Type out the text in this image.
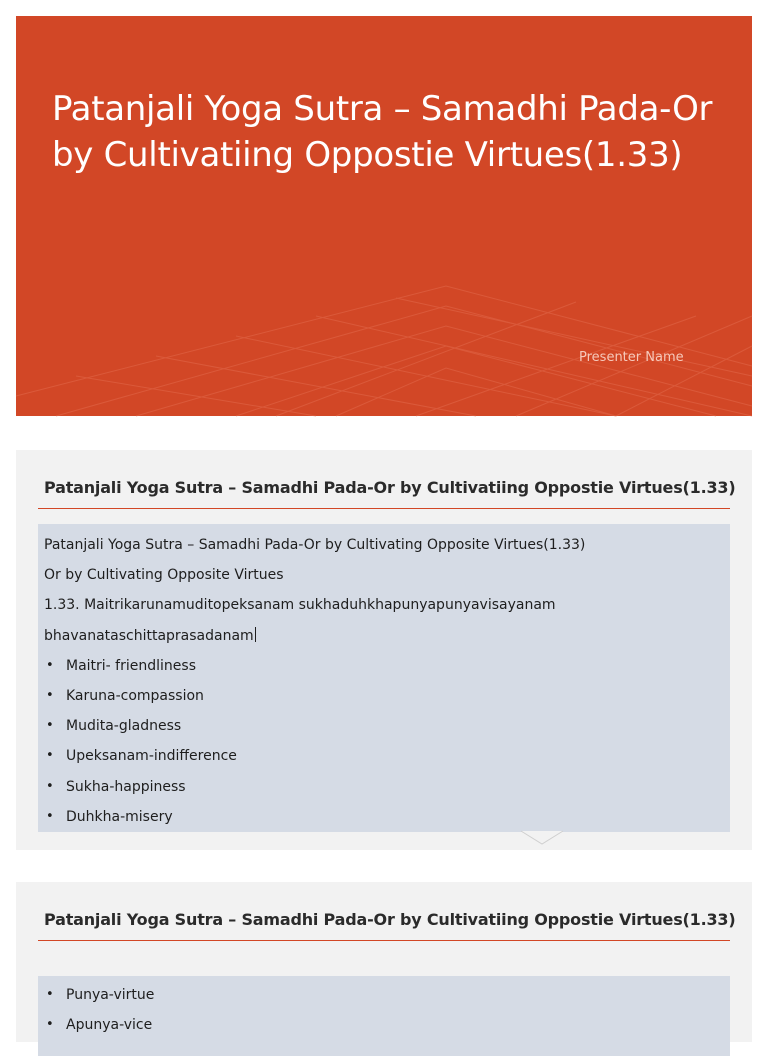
Patanjali Yoga Sutra – Samadhi Pada-Or by Cultivatiing Oppostie Virtues(1.33)
Presenter Name
Patanjali Yoga Sutra – Samadhi Pada-Or by Cultivatiing Oppostie Virtues(1.33)
Patanjali Yoga Sutra – Samadhi Pada-Or by Cultivating Opposite Virtues(1.33)
Or by Cultivating Opposite Virtues
1.33. Maitrikarunamuditopeksanam sukhaduhkhapunyapunyavisayanam
bhavanataschittaprasadanam
• Maitri- friendliness
• Karuna-compassion
• Mudita-gladness
• Upeksanam-indifference
• Sukha-happiness
• Duhkha-misery
Patanjali Yoga Sutra – Samadhi Pada-Or by Cultivatiing Oppostie Virtues(1.33)
• Punya-virtue
• Apunya-vice
